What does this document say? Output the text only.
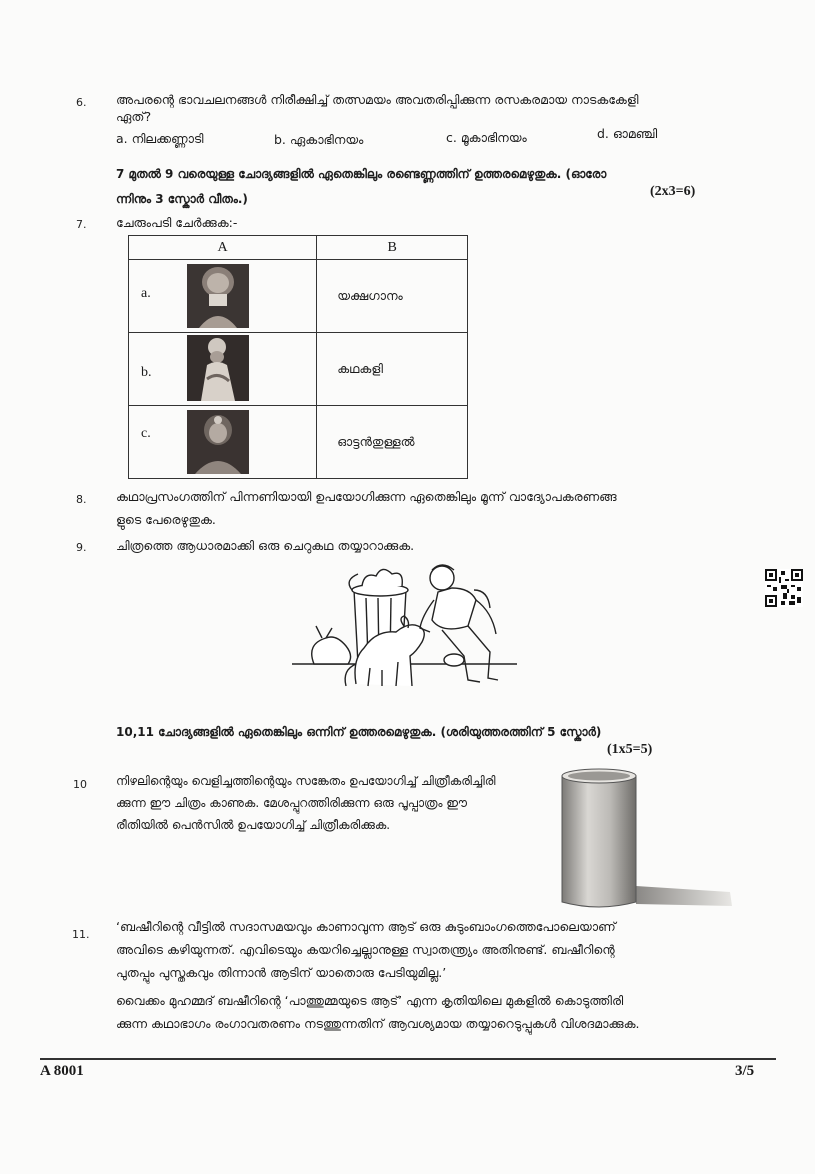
6. അപരന്റെ ഭാവചലനങ്ങൾ നിരീക്ഷിച്ച് തത്സമയം അവതരിപ്പിക്കുന്ന രസകരമായ നാടകകേളി
ഏത്?
a. നിലക്കണ്ണാടി	b. ഏകാഭിനയം	c. മൂകാഭിനയം	d. ഓമഞ്ചി
7 മുതൽ 9 വരെയുള്ള ചോദ്യങ്ങളിൽ ഏതെങ്കിലും രണ്ടെണ്ണത്തിന് ഉത്തരമെഴുതുക. (ഓരോ
ന്നിനും 3 സ്കോർ വീതം.)	(2x3=6)
7. ചേരുംപടി ചേർക്കുക:-
A	B

a.	യക്ഷഗാനം

b.	കഥകളി

c.	ഓട്ടൻതുള്ളൽ
8. കഥാപ്രസംഗത്തിന് പിന്നണിയായി ഉപയോഗിക്കുന്ന ഏതെങ്കിലും മൂന്ന് വാദ്യോപകരണങ്ങ
ളുടെ പേരെഴുതുക.
9. ചിത്രത്തെ ആധാരമാക്കി ഒരു ചെറുകഥ തയ്യാറാക്കുക.
10,11 ചോദ്യങ്ങളിൽ ഏതെങ്കിലും ഒന്നിന് ഉത്തരമെഴുതുക. (ശരിയുത്തരത്തിന് 5 സ്കോർ)
(1x5=5)
10 നിഴലിന്റെയും വെളിച്ചത്തിന്റെയും സങ്കേതം ഉപയോഗിച്ച് ചിത്രീകരിച്ചിരി
ക്കുന്ന ഈ ചിത്രം കാണുക. മേശപ്പുറത്തിരിക്കുന്ന ഒരു പൂപ്പാത്രം ഈ
രീതിയിൽ പെൻസിൽ ഉപയോഗിച്ച് ചിത്രീകരിക്കുക.
11.
‘ബഷീറിന്റെ വീട്ടിൽ സദാസമയവും കാണാവുന്ന ആട് ഒരു കുടുംബാംഗത്തെപോലെയാണ്
അവിടെ കഴിയുന്നത്. എവിടെയും കയറിച്ചെല്ലാനുള്ള സ്വാതന്ത്ര്യം അതിനുണ്ട്. ബഷീറിന്റെ
പുതപ്പും പുസ്തകവും തിന്നാൻ ആടിന് യാതൊരു പേടിയുമില്ല.’
വൈക്കം മുഹമ്മദ് ബഷീറിന്റെ ‘പാത്തുമ്മയുടെ ആട്’ എന്ന കൃതിയിലെ മുകളിൽ കൊടുത്തിരി
ക്കുന്ന കഥാഭാഗം രംഗാവതരണം നടത്തുന്നതിന് ആവശ്യമായ തയ്യാറെടുപ്പുകൾ വിശദമാക്കുക.
A 8001	3/5
